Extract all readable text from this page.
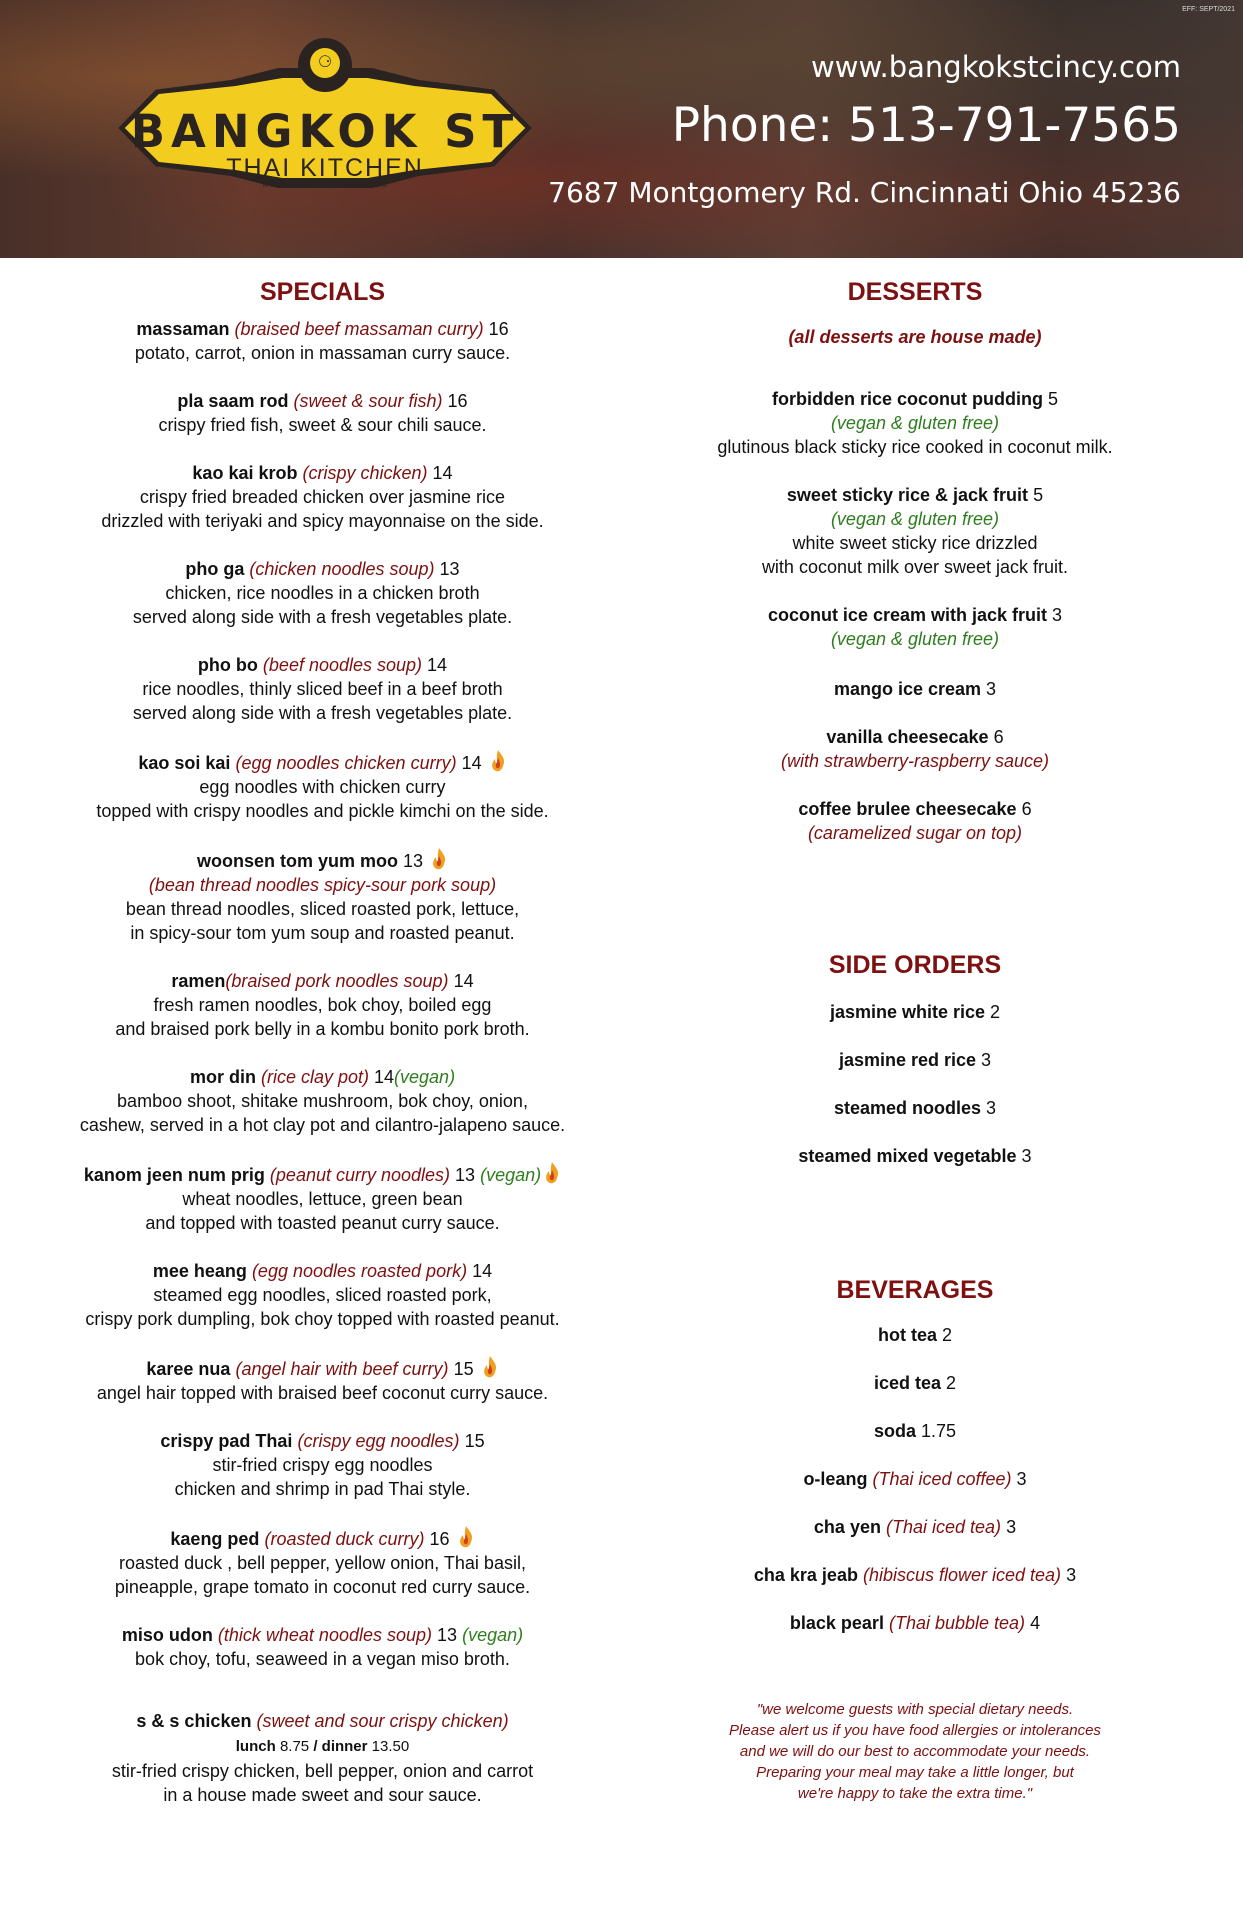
EFF: SEPT/2021
⚆
BANGKOK ST
THAI KITCHEN
WWW.BANGKOKSTCINCY.COM
www.bangkokstcincy.com
Phone: 513-791-7565
7687 Montgomery Rd. Cincinnati Ohio 45236
SPECIALS
massaman (braised beef massaman curry) 16
potato, carrot, onion in massaman curry sauce.
pla saam rod (sweet & sour fish) 16
crispy fried fish, sweet & sour chili sauce.
kao kai krob (crispy chicken) 14
crispy fried breaded chicken over jasmine rice
drizzled with teriyaki and spicy mayonnaise on the side.
pho ga (chicken noodles soup) 13
chicken, rice noodles in a chicken broth
served along side with a fresh vegetables plate.
pho bo (beef noodles soup) 14
rice noodles, thinly sliced beef in a beef broth
served along side with a fresh vegetables plate.
kao soi kai (egg noodles chicken curry) 14
egg noodles with chicken curry
topped with crispy noodles and pickle kimchi on the side.
woonsen tom yum moo 13
(bean thread noodles spicy-sour pork soup)
bean thread noodles, sliced roasted pork, lettuce,
in spicy-sour tom yum soup and roasted peanut.
ramen(braised pork noodles soup) 14
fresh ramen noodles, bok choy, boiled egg
and braised pork belly in a kombu bonito pork broth.
mor din (rice clay pot) 14(vegan)
bamboo shoot, shitake mushroom, bok choy, onion,
cashew, served in a hot clay pot and cilantro-jalapeno sauce.
kanom jeen num prig (peanut curry noodles) 13 (vegan)
wheat noodles, lettuce, green bean
and topped with toasted peanut curry sauce.
mee heang (egg noodles roasted pork) 14
steamed egg noodles, sliced roasted pork,
crispy pork dumpling, bok choy topped with roasted peanut.
karee nua (angel hair with beef curry) 15
angel hair topped with braised beef coconut curry sauce.
crispy pad Thai (crispy egg noodles) 15
stir-fried crispy egg noodles
chicken and shrimp in pad Thai style.
kaeng ped (roasted duck curry) 16
roasted duck , bell pepper, yellow onion, Thai basil,
pineapple, grape tomato in coconut red curry sauce.
miso udon (thick wheat noodles soup) 13 (vegan)
bok choy, tofu, seaweed in a vegan miso broth.
s & s chicken (sweet and sour crispy chicken)
lunch 8.75 / dinner 13.50
stir-fried crispy chicken, bell pepper, onion and carrot
in a house made sweet and sour sauce.
DESSERTS
(all desserts are house made)
forbidden rice coconut pudding 5
(vegan & gluten free)
glutinous black sticky rice cooked in coconut milk.
sweet sticky rice & jack fruit 5
(vegan & gluten free)
white sweet sticky rice drizzled
with coconut milk over sweet jack fruit.
coconut ice cream with jack fruit 3
(vegan & gluten free)
mango ice cream 3
vanilla cheesecake 6
(with strawberry-raspberry sauce)
coffee brulee cheesecake 6
(caramelized sugar on top)
SIDE ORDERS
jasmine white rice 2
jasmine red rice 3
steamed noodles 3
steamed mixed vegetable 3
BEVERAGES
hot tea 2
iced tea 2
soda 1.75
o-leang (Thai iced coffee) 3
cha yen (Thai iced tea) 3
cha kra jeab (hibiscus flower iced tea) 3
black pearl (Thai bubble tea) 4
"we welcome guests with special dietary needs.
Please alert us if you have food allergies or intolerances
and we will do our best to accommodate your needs.
Preparing your meal may take a little longer, but
we're happy to take the extra time."
